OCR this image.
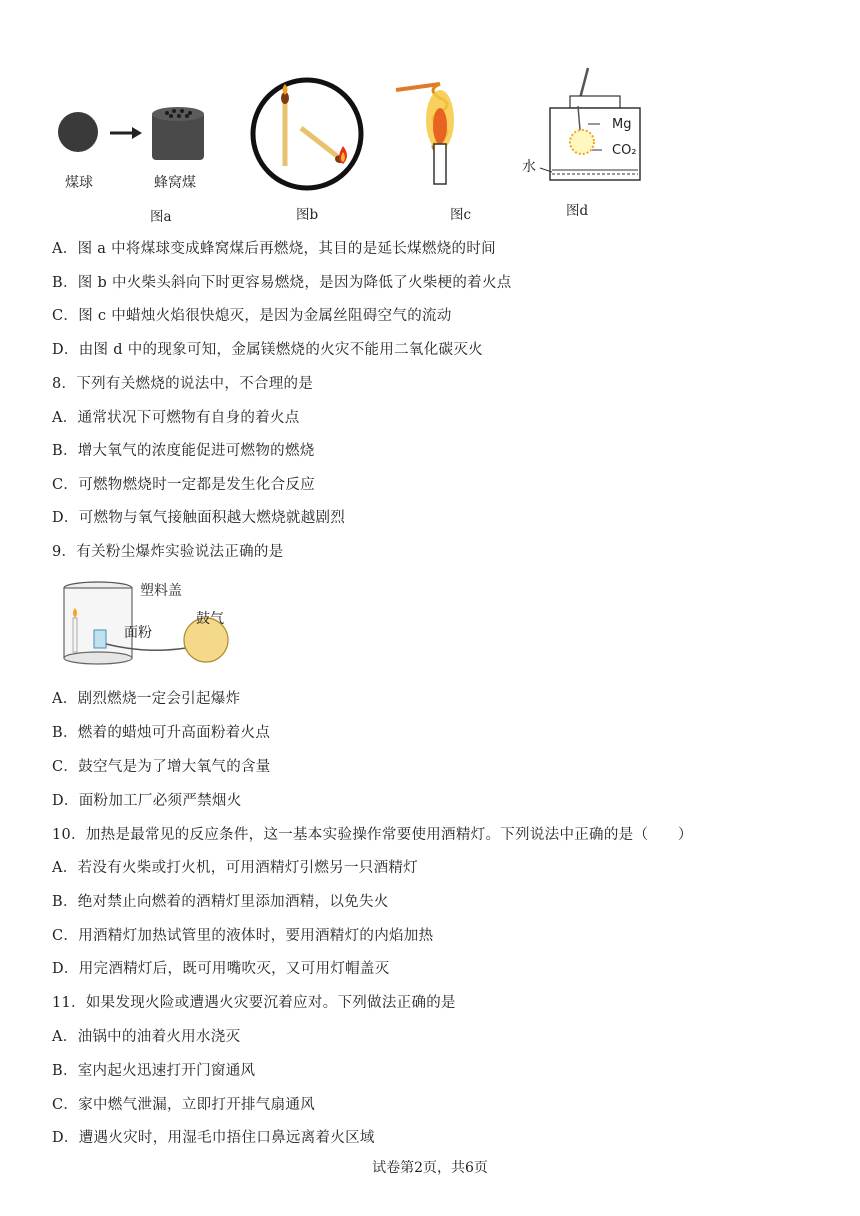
煤球	蜂窝煤
图a	图b	图c
Mg
CO₂
水
图d
A．图 a 中将煤球变成蜂窝煤后再燃烧，其目的是延长煤燃烧的时间
B．图 b 中火柴头斜向下时更容易燃烧，是因为降低了火柴梗的着火点
C．图 c 中蜡烛火焰很快熄灭，是因为金属丝阻碍空气的流动
D．由图 d 中的现象可知，金属镁燃烧的火灾不能用二氧化碳灭火
8．下列有关燃烧的说法中，不合理的是
A．通常状况下可燃物有自身的着火点
B．增大氧气的浓度能促进可燃物的燃烧
C．可燃物燃烧时一定都是发生化合反应
D．可燃物与氧气接触面积越大燃烧就越剧烈
9．有关粉尘爆炸实验说法正确的是
塑料盖
面粉
鼓气
A．剧烈燃烧一定会引起爆炸
B．燃着的蜡烛可升高面粉着火点
C．鼓空气是为了增大氧气的含量
D．面粉加工厂必须严禁烟火
10．加热是最常见的反应条件，这一基本实验操作常要使用酒精灯。下列说法中正确的是（　　）
A．若没有火柴或打火机，可用酒精灯引燃另一只酒精灯
B．绝对禁止向燃着的酒精灯里添加酒精，以免失火
C．用酒精灯加热试管里的液体时，要用酒精灯的内焰加热
D．用完酒精灯后，既可用嘴吹灭，又可用灯帽盖灭
11．如果发现火险或遭遇火灾要沉着应对。下列做法正确的是
A．油锅中的油着火用水浇灭
B．室内起火迅速打开门窗通风
C．家中燃气泄漏，立即打开排气扇通风
D．遭遇火灾时，用湿毛巾捂住口鼻远离着火区域
试卷第2页，共6页
